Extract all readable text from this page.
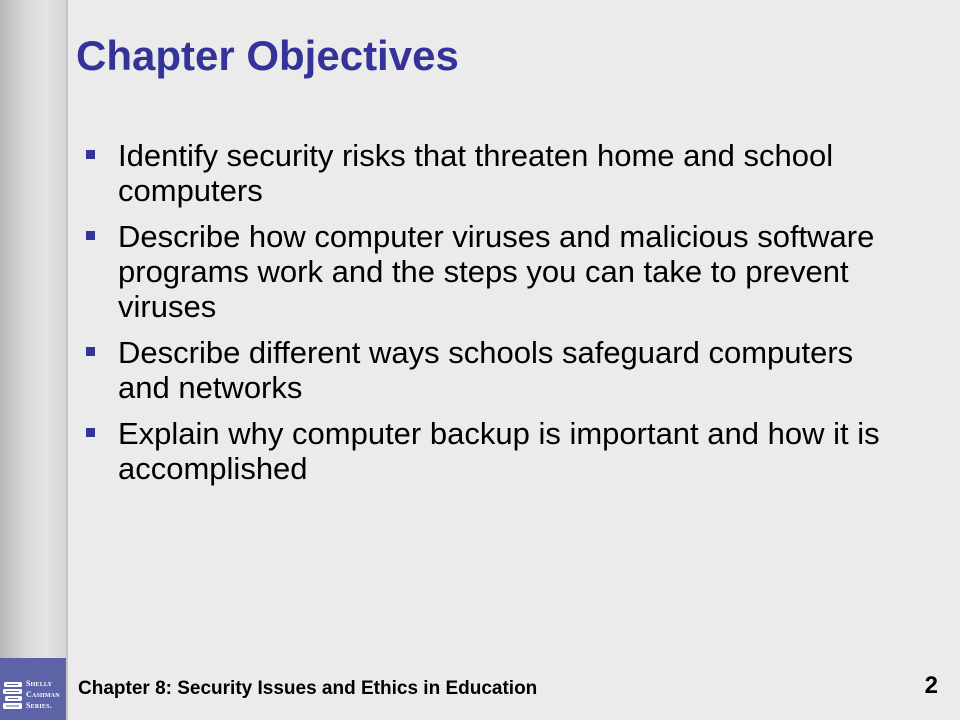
Shelly
Cashman
Series.
Chapter Objectives
Identify security risks that threaten home and school computers
Describe how computer viruses and malicious software programs work and the steps you can take to prevent viruses
Describe different ways schools safeguard computers and networks
Explain why computer backup is important and how it is accomplished
Chapter 8: Security Issues and Ethics in Education	2
